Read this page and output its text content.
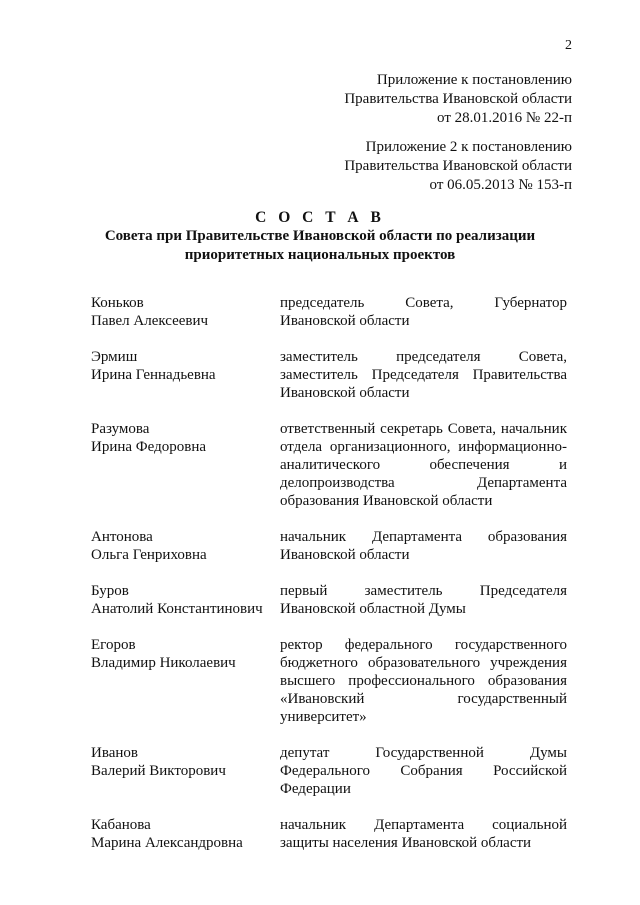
2
Приложение к постановлению
Правительства Ивановской области
от 28.01.2016 № 22-п
Приложение 2 к постановлению
Правительства Ивановской области
от 06.05.2013 № 153-п
С О С Т А В
Совета при Правительстве Ивановской области по реализации
приоритетных национальных проектов
Коньков
Павел Алексеевич
председатель Совета, Губернатор
Ивановской области
Эрмиш
Ирина Геннадьевна
заместитель председателя Совета,
заместитель Председателя Правительства
Ивановской области
Разумова
Ирина Федоровна
ответственный секретарь Совета, начальник
отдела организационного, информационно-
аналитического обеспечения и
делопроизводства Департамента
образования Ивановской области
Антонова
Ольга Генриховна
начальник Департамента образования
Ивановской области
Буров
Анатолий Константинович
первый заместитель Председателя
Ивановской областной Думы
Егоров
Владимир Николаевич
ректор федерального государственного
бюджетного образовательного учреждения
высшего профессионального образования
«Ивановский государственный
университет»
Иванов
Валерий Викторович
депутат Государственной Думы
Федерального Собрания Российской
Федерации
Кабанова
Марина Александровна
начальник Департамента социальной
защиты населения Ивановской области
